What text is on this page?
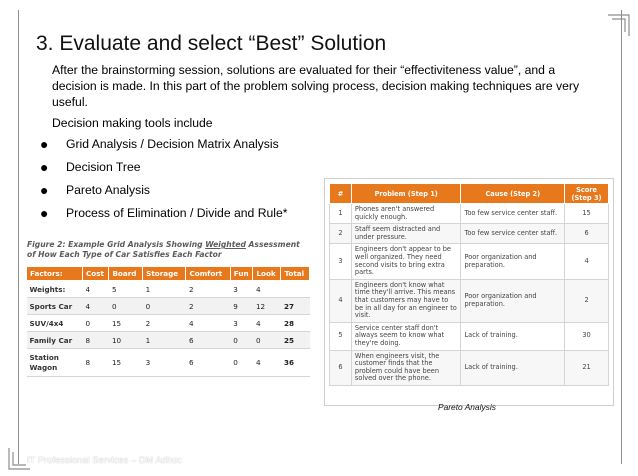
3. Evaluate and select “Best” Solution
After the brainstorming session, solutions are evaluated for their “effectiviteness value”, and a decision is made. In this part of the problem solving process, decision making techniques are very useful.
Decision making tools include
● Grid Analysis / Decision Matrix Analysis
● Decision Tree
● Pareto Analysis
● Process of Elimination / Divide and Rule*
Figure 2: Example Grid Analysis Showing Weighted Assessment of How Each Type of Car Satisfies Each Factor
Factors:	Cost	Board	Storage	Comfort	Fun	Look	Total
Weights:	4	5	1	2	3	4	
Sports Car	4	0	0	2	9	12	27
SUV/4x4	0	15	2	4	3	4	28
Family Car	8	10	1	6	0	0	25
Station Wagon	8	15	3	6	0	4	36
#	Problem (Step 1)	Cause (Step 2)	Score (Step 3)
1	Phones aren't answered quickly enough.	Too few service center staff.	15
2	Staff seem distracted and under pressure.	Too few service center staff.	6
3	Engineers don't appear to be well organized. They need second visits to bring extra parts.	Poor organization and preparation.	4
4	Engineers don't know what time they'll arrive. This means that customers may have to be in all day for an engineer to visit.	Poor organization and preparation.	2
5	Service center staff don't always seem to know what they're doing.	Lack of training.	30
6	When engineers visit, the customer finds that the problem could have been solved over the phone.	Lack of training.	21
Pareto Analysis
IT Professional Services – DM Adhoc
